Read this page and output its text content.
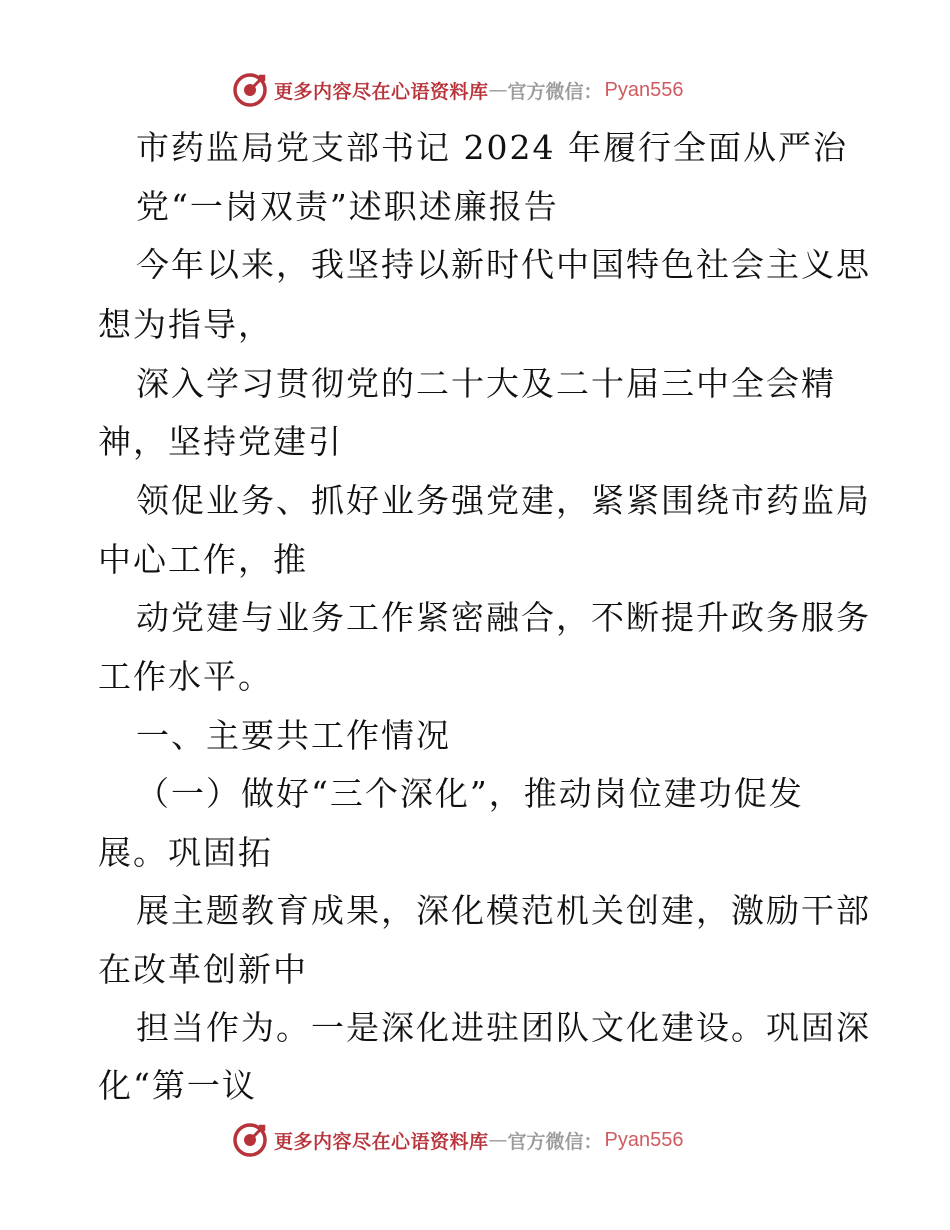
更多内容尽在心语资料库 — 官方微信： Pyan556
市药监局党支部书记 2024 年履行全面从严治
党“一岗双责”述职述廉报告
今年以来，我坚持以新时代中国特色社会主义思
想为指导，
深入学习贯彻党的二十大及二十届三中全会精
神，坚持党建引
领促业务、抓好业务强党建，紧紧围绕市药监局
中心工作，推
动党建与业务工作紧密融合，不断提升政务服务
工作水平。
一、主要共工作情况
（一）做好“三个深化”，推动岗位建功促发
展。巩固拓
展主题教育成果，深化模范机关创建，激励干部
在改革创新中
担当作为。一是深化进驻团队文化建设。巩固深
化“第一议
更多内容尽在心语资料库 — 官方微信： Pyan556
